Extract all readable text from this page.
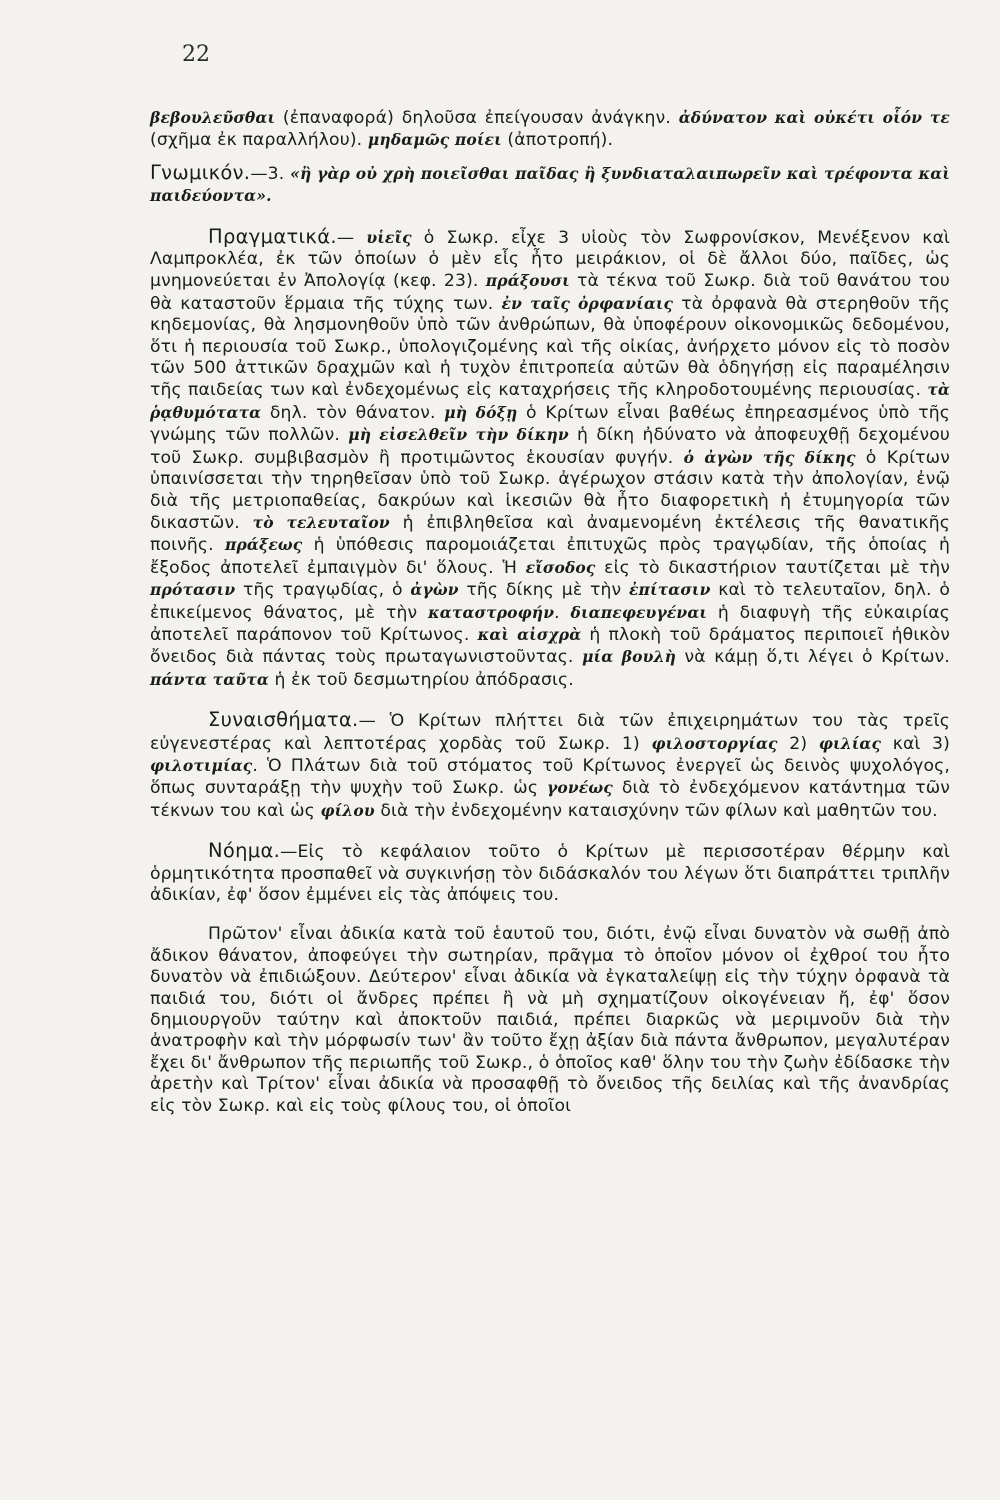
22

βεβουλεῦσθαι (ἐπαναφορά) δηλοῦσα ἐπείγουσαν ἀνάγκην. ἀδύνατον καὶ οὐκέτι οἷόν τε (σχῆμα ἐκ παραλλήλου). μηδαμῶς ποίει (ἀποτροπή).

Γνωμικόν.—3. «ἢ γὰρ οὐ χρὴ ποιεῖσθαι παῖδας ἢ ξυνδιαταλαιπωρεῖν καὶ τρέφοντα καὶ παιδεύοντα».

Πραγματικά.— υἱεῖς ὁ Σωκρ. εἶχε 3 υἱοὺς τὸν Σωφρονίσκον, Μενέξενον καὶ Λαμπροκλέα, ἐκ τῶν ὁποίων ὁ μὲν εἷς ἦτο μειράκιον, οἱ δὲ ἄλλοι δύο, παῖδες, ὡς μνημονεύεται ἐν Ἀπολογίᾳ (κεφ. 23). πράξουσι τὰ τέκνα τοῦ Σωκρ. διὰ τοῦ θανάτου του θὰ καταστοῦν ἕρμαια τῆς τύχης των. ἐν ταῖς ὀρφανίαις τὰ ὀρφανὰ θὰ στερηθοῦν τῆς κηδεμονίας, θὰ λησμονηθοῦν ὑπὸ τῶν ἀνθρώπων, θὰ ὑποφέρουν οἰκονομικῶς δεδομένου, ὅτι ἡ περιουσία τοῦ Σωκρ., ὑπολογιζομένης καὶ τῆς οἰκίας, ἀνήρχετο μόνον εἰς τὸ ποσὸν τῶν 500 ἀττικῶν δραχμῶν καὶ ἡ τυχὸν ἐπιτροπεία αὐτῶν θὰ ὁδηγήσῃ εἰς παραμέλησιν τῆς παιδείας των καὶ ἐνδεχομένως εἰς καταχρήσεις τῆς κληροδοτουμένης περιουσίας. τὰ ῥᾳθυμότατα δηλ. τὸν θάνατον. μὴ δόξῃ ὁ Κρίτων εἶναι βαθέως ἐπηρεασμένος ὑπὸ τῆς γνώμης τῶν πολλῶν. μὴ εἰσελθεῖν τὴν δίκην ἡ δίκη ἠδύνατο νὰ ἀποφευχθῇ δεχομένου τοῦ Σωκρ. συμβιβασμὸν ἢ προτιμῶντος ἑκουσίαν φυγήν. ὁ ἀγὼν τῆς δίκης ὁ Κρίτων ὑπαινίσσεται τὴν τηρηθεῖσαν ὑπὸ τοῦ Σωκρ. ἀγέρωχον στάσιν κατὰ τὴν ἀπολογίαν, ἐνῷ διὰ τῆς μετριοπαθείας, δακρύων καὶ ἱκεσιῶν θὰ ἦτο διαφορετικὴ ἡ ἐτυμηγορία τῶν δικαστῶν. τὸ τελευταῖον ἡ ἐπιβληθεῖσα καὶ ἀναμενομένη ἐκτέλεσις τῆς θανατικῆς ποινῆς. πράξεως ἡ ὑπόθεσις παρομοιάζεται ἐπιτυχῶς πρὸς τραγῳδίαν, τῆς ὁποίας ἡ ἔξοδος ἀποτελεῖ ἐμπαιγμὸν δι' ὅλους. Ἡ εἴσοδος εἰς τὸ δικαστήριον ταυτίζεται μὲ τὴν πρότασιν τῆς τραγῳδίας, ὁ ἀγὼν τῆς δίκης μὲ τὴν ἐπίτασιν καὶ τὸ τελευταῖον, δηλ. ὁ ἐπικείμενος θάνατος, μὲ τὴν καταστροφήν. διαπεφευγέναι ἡ διαφυγὴ τῆς εὐκαιρίας ἀποτελεῖ παράπονον τοῦ Κρίτωνος. καὶ αἰσχρὰ ἡ πλοκὴ τοῦ δράματος περιποιεῖ ἠθικὸν ὄνειδος διὰ πάντας τοὺς πρωταγωνιστοῦντας. μία βουλὴ νὰ κάμῃ ὅ,τι λέγει ὁ Κρίτων. πάντα ταῦτα ἡ ἐκ τοῦ δεσμωτηρίου ἀπόδρασις.

Συναισθήματα.— Ὁ Κρίτων πλήττει διὰ τῶν ἐπιχειρημάτων του τὰς τρεῖς εὐγενεστέρας καὶ λεπτοτέρας χορδὰς τοῦ Σωκρ. 1) φιλοστοργίας 2) φιλίας καὶ 3) φιλοτιμίας. Ὁ Πλάτων διὰ τοῦ στόματος τοῦ Κρίτωνος ἐνεργεῖ ὡς δεινὸς ψυχολόγος, ὅπως συνταράξῃ τὴν ψυχὴν τοῦ Σωκρ. ὡς γονέως διὰ τὸ ἐνδεχόμενον κατάντημα τῶν τέκνων του καὶ ὡς φίλου διὰ τὴν ἐνδεχομένην καταισχύνην τῶν φίλων καὶ μαθητῶν του.

Νόημα.—Εἰς τὸ κεφάλαιον τοῦτο ὁ Κρίτων μὲ περισσοτέραν θέρμην καὶ ὁρμητικότητα προσπαθεῖ νὰ συγκινήσῃ τὸν διδάσκαλόν του λέγων ὅτι διαπράττει τριπλῆν ἀδικίαν, ἐφ' ὅσον ἐμμένει εἰς τὰς ἀπόψεις του.

Πρῶτον' εἶναι ἀδικία κατὰ τοῦ ἑαυτοῦ του, διότι, ἐνῷ εἶναι δυνατὸν νὰ σωθῇ ἀπὸ ἄδικον θάνατον, ἀποφεύγει τὴν σωτηρίαν, πρᾶγμα τὸ ὁποῖον μόνον οἱ ἐχθροί του ἦτο δυνατὸν νὰ ἐπιδιώξουν. Δεύτερον' εἶναι ἀδικία νὰ ἐγκαταλείψῃ εἰς τὴν τύχην ὀρφανὰ τὰ παιδιά του, διότι οἱ ἄνδρες πρέπει ἢ νὰ μὴ σχηματίζουν οἰκογένειαν ἤ, ἐφ' ὅσον δημιουργοῦν ταύτην καὶ ἀποκτοῦν παιδιά, πρέπει διαρκῶς νὰ μεριμνοῦν διὰ τὴν ἀνατροφὴν καὶ τὴν μόρφωσίν των' ἂν τοῦτο ἔχῃ ἀξίαν διὰ πάντα ἄνθρωπον, μεγαλυτέραν ἔχει δι' ἄνθρωπον τῆς περιωπῆς τοῦ Σωκρ., ὁ ὁποῖος καθ' ὅλην του τὴν ζωὴν ἐδίδασκε τὴν ἀρετὴν καὶ Τρίτον' εἶναι ἀδικία νὰ προσαφθῇ τὸ ὄνειδος τῆς δειλίας καὶ τῆς ἀνανδρίας εἰς τὸν Σωκρ. καὶ εἰς τοὺς φίλους του, οἱ ὁποῖοι
